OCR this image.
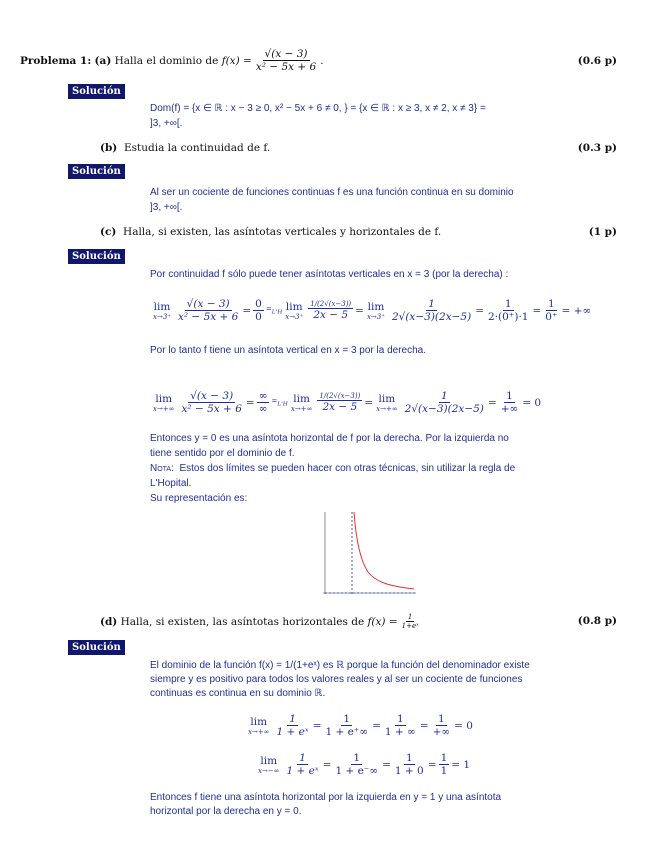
Problema 1:
(a)
Halla el dominio de
$f(x) = \frac{√(x - 3)}{\text{x² − 5x + 6}}$ .	(0.6 p)
Solución
Dom(f) = {x ∈ ℝ : x − 3 ≥ 0, x² − 5x + 6 ≠ 0, } = {x ∈ ℝ : x ≥ 3, x ≠ 2, x ≠ 3} =
]3, +∞[.
(b) Estudia la continuidad de f.	(0.3 p)
Solución
Al ser un cociente de funciones continuas f es una función continua en su dominio
]3, +∞[.
(c) Halla, si existen, las asíntotas verticales y horizontales de f.	(1 p)
Solución
Por continuidad f sólo puede tener asíntotas verticales en x = 3 (por la derecha) :
lim
$x\to 3^+ \frac{√(x - 3)}{\text{x² − 5x + 6}} = \frac{0}{0} =_{L'H}$
lim
$x\to 3^+ \frac{1/(2√(x-3))}{2x - 5} = \lim$
$x\to 3^+ \frac{1}{2√(x-3)(2x-5)} = \frac{1}{2\cdot(0^+)\cdot 1} = \frac{1}{0^+}$ = +∞
Por lo tanto f tiene un asíntota vertical en x = 3 por la derecha.
lim
$x\to+\infty \frac{√(x - 3)}{\text{x² − 5x + 6}} = \frac{\infty}{\infty} =_{L'H}$
lim
$x\to+\infty \frac{1/(2√(x-3))}{2x - 5} = \lim$
$x\to+\infty \frac{1}{2√(x-3)(2x-5)} = \frac{1}{+\infty} = 0$
Entonces y = 0 es una asíntota horizontal de f por la derecha. Por la izquierda no
tiene sentido por el dominio de f.
Nota: Estos dos límites se pueden hacer con otras técnicas, sin utilizar la regla de
L'Hopital.
Su representación es:
(d)
Halla, si existen, las asíntotas horizontales de
$f(x) = \frac{1}{\text{1+eˣ}}$	(0.8 p)
Solución
El dominio de la función f(x) = 1/(1+eˣ) es ℝ porque la función del denominador existe
siempre y es positivo para todos los valores reales y al ser un cociente de funciones
continuas es continua en su dominio ℝ.
lim
$x\to+\infty \frac{1}{\text{1 + eˣ}} = \frac{1}{1 + e^+\infty} = \frac{1}{1 + \infty} = \frac{1}{+\infty} = 0$
lim
$x\to-\infty \frac{1}{\text{1 + eˣ}} = \frac{1}{1 + e^-\infty} = \frac{1}{1 + 0} = \frac{1}{1} = 1$
Entonces f tiene una asíntota horizontal por la izquierda en y = 1 y una asíntota
horizontal por la derecha en y = 0.
